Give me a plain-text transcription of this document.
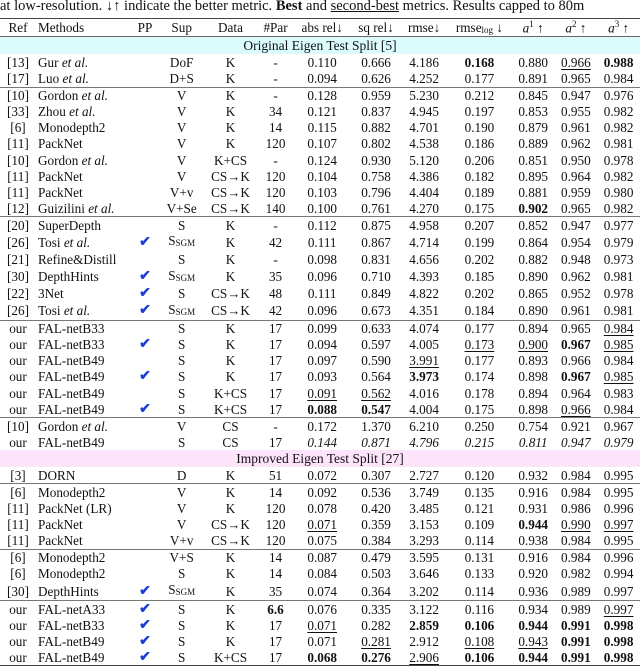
at low-resolution. ↓↑ indicate the better metric. Best and second-best metrics. Results capped to 80m
Ref	Methods	PP	Sup	Data	#Par	abs rel↓	sq rel↓	rmse↓	rmse$_{log}$ ↓	$a^1$ ↑	$a^2$ ↑	$a^3$ ↑
Original Eigen Test Split [5]												
[13]	Gur et al.		DoF	K	-	0.110	0.666	4.186	0.168	0.880	0.966	0.988
[17]	Luo et al.		D+S	K	-	0.094	0.626	4.252	0.177	0.891	0.965	0.984
[10]	Gordon et al.		V	K	-	0.128	0.959	5.230	0.212	0.845	0.947	0.976
[33]	Zhou et al.		V	K	34	0.121	0.837	4.945	0.197	0.853	0.955	0.982
[6]	Monodepth2		V	K	14	0.115	0.882	4.701	0.190	0.879	0.961	0.982
[11]	PackNet		V	K	120	0.107	0.802	4.538	0.186	0.889	0.962	0.981
[10]	Gordon et al.		V	K+CS	-	0.124	0.930	5.120	0.206	0.851	0.950	0.978
[11]	PackNet		V	CS→K	120	0.104	0.758	4.386	0.182	0.895	0.964	0.982
[11]	PackNet		V+v	CS→K	120	0.103	0.796	4.404	0.189	0.881	0.959	0.980
[12]	Guizilini et al.		V+Se	CS→K	140	0.100	0.761	4.270	0.175	0.902	0.965	0.982
[20]	SuperDepth		S	K	-	0.112	0.875	4.958	0.207	0.852	0.947	0.977
[26]	Tosi et al.	✔	$S_{SGM}$	K	42	0.111	0.867	4.714	0.199	0.864	0.954	0.979
[21]	Refine&Distill		S	K	-	0.098	0.831	4.656	0.202	0.882	0.948	0.973
[30]	DepthHints	✔	$S_{SGM}$	K	35	0.096	0.710	4.393	0.185	0.890	0.962	0.981
[22]	3Net	✔	S	CS→K	48	0.111	0.849	4.822	0.202	0.865	0.952	0.978
[26]	Tosi et al.	✔	$S_{SGM}$	CS→K	42	0.096	0.673	4.351	0.184	0.890	0.961	0.981
our	FAL-netB33		S	K	17	0.099	0.633	4.074	0.177	0.894	0.965	0.984
our	FAL-netB33	✔	S	K	17	0.094	0.597	4.005	0.173	0.900	0.967	0.985
our	FAL-netB49		S	K	17	0.097	0.590	3.991	0.177	0.893	0.966	0.984
our	FAL-netB49	✔	S	K	17	0.093	0.564	3.973	0.174	0.898	0.967	0.985
our	FAL-netB49		S	K+CS	17	0.091	0.562	4.016	0.178	0.894	0.964	0.983
our	FAL-netB49	✔	S	K+CS	17	0.088	0.547	4.004	0.175	0.898	0.966	0.984
[10]	Gordon et al.		V	CS	-	0.172	1.370	6.210	0.250	0.754	0.921	0.967
our	FAL-netB49		S	CS	17	0.144	0.871	4.796	0.215	0.811	0.947	0.979
Improved Eigen Test Split [27]												
[3]	DORN		D	K	51	0.072	0.307	2.727	0.120	0.932	0.984	0.995
[6]	Monodepth2		V	K	14	0.092	0.536	3.749	0.135	0.916	0.984	0.995
[11]	PackNet (LR)		V	K	120	0.078	0.420	3.485	0.121	0.931	0.986	0.996
[11]	PackNet		V	CS→K	120	0.071	0.359	3.153	0.109	0.944	0.990	0.997
[11]	PackNet		V+v	CS→K	120	0.075	0.384	3.293	0.114	0.938	0.984	0.995
[6]	Monodepth2		V+S	K	14	0.087	0.479	3.595	0.131	0.916	0.984	0.996
[6]	Monodepth2		S	K	14	0.084	0.503	3.646	0.133	0.920	0.982	0.994
[30]	DepthHints	✔	$S_{SGM}$	K	35	0.074	0.364	3.202	0.114	0.936	0.989	0.997
our	FAL-netA33	✔	S	K	6.6	0.076	0.335	3.122	0.116	0.934	0.989	0.997
our	FAL-netB33	✔	S	K	17	0.071	0.282	2.859	0.106	0.944	0.991	0.998
our	FAL-netB49	✔	S	K	17	0.071	0.281	2.912	0.108	0.943	0.991	0.998
our	FAL-netB49	✔	S	K+CS	17	0.068	0.276	2.906	0.106	0.944	0.991	0.998
